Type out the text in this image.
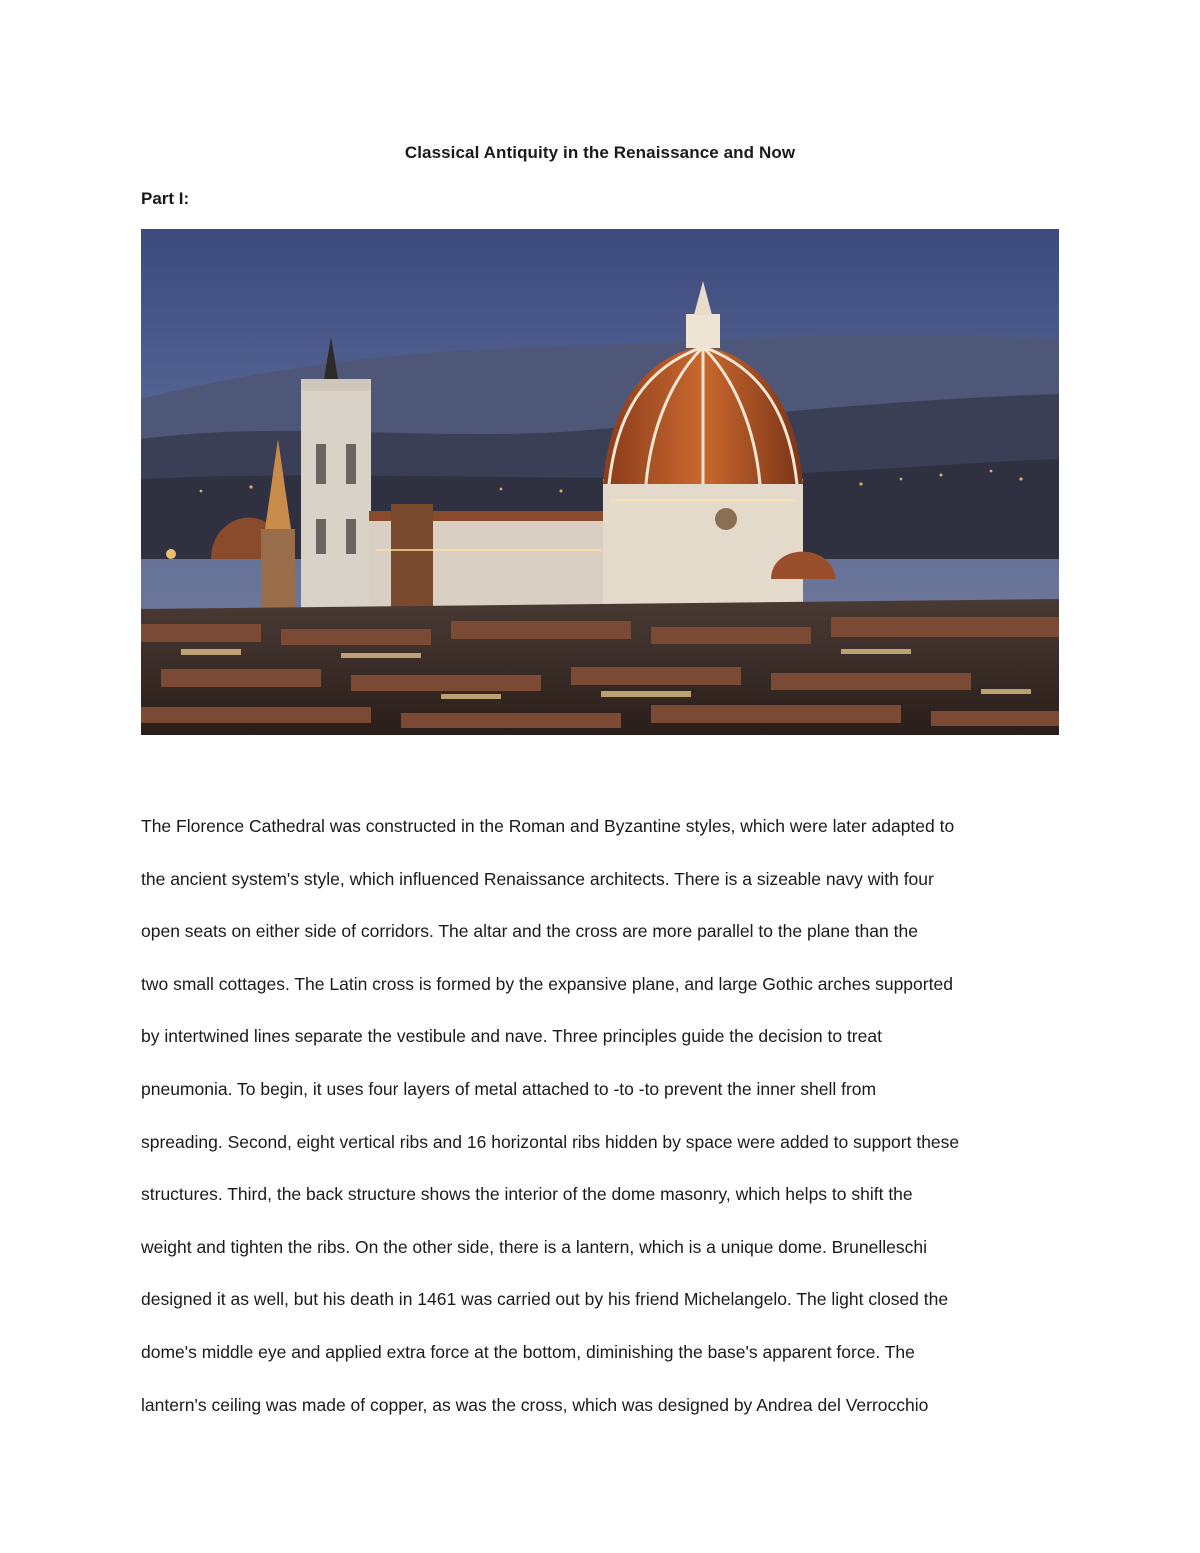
Classical Antiquity in the Renaissance and Now
Part I:
The Florence Cathedral was constructed in the Roman and Byzantine styles, which were later adapted to
the ancient system's style, which influenced Renaissance architects. There is a sizeable navy with four
open seats on either side of corridors. The altar and the cross are more parallel to the plane than the
two small cottages. The Latin cross is formed by the expansive plane, and large Gothic arches supported
by intertwined lines separate the vestibule and nave. Three principles guide the decision to treat
pneumonia. To begin, it uses four layers of metal attached to -to -to prevent the inner shell from
spreading. Second, eight vertical ribs and 16 horizontal ribs hidden by space were added to support these
structures. Third, the back structure shows the interior of the dome masonry, which helps to shift the
weight and tighten the ribs. On the other side, there is a lantern, which is a unique dome. Brunelleschi
designed it as well, but his death in 1461 was carried out by his friend Michelangelo. The light closed the
dome's middle eye and applied extra force at the bottom, diminishing the base's apparent force. The
lantern's ceiling was made of copper, as was the cross, which was designed by Andrea del Verrocchio
